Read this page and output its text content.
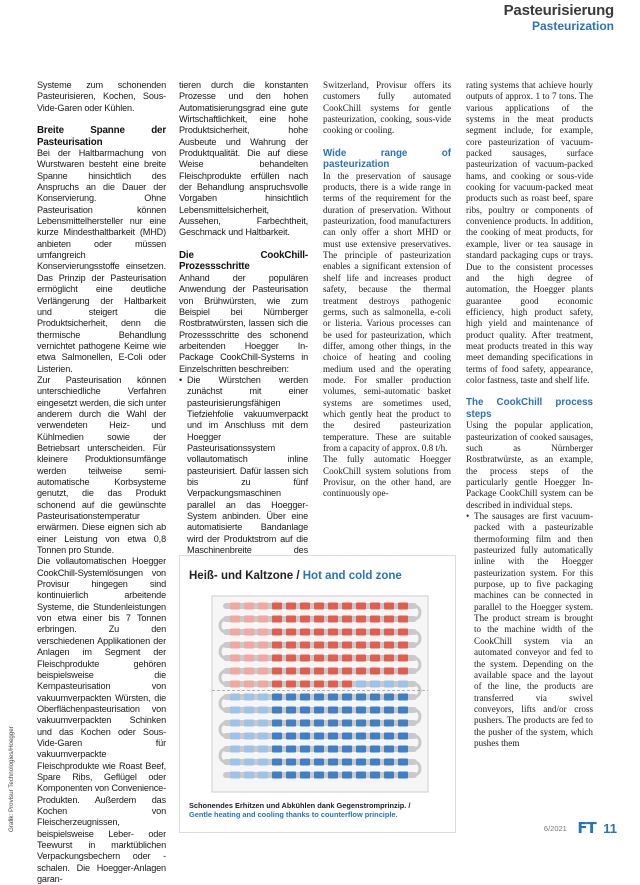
Pasteurisierung
Pasteurization

Systeme zum schonenden Pasteurisieren, Kochen, Sous-Vide-Garen oder Kühlen.

Breite Spanne der Pasteurisation

Bei der Haltbarmachung von Wurstwaren besteht eine breite Spanne hinsichtlich des Anspruchs an die Dauer der Konservierung. Ohne Pasteurisation können Lebensmittelhersteller nur eine kurze Mindesthaltbarkeit (MHD) anbieten oder müssen umfangreich Konservierungsstoffe einsetzen. Das Prinzip der Pasteurisation ermöglicht eine deutliche Verlängerung der Haltbarkeit und steigert die Produktsicherheit, denn die thermische Behandlung vernichtet pathogene Keime wie etwa Salmonellen, E-Coli oder Listerien.

Zur Pasteurisation können unterschiedliche Verfahren eingesetzt werden, die sich unter anderem durch die Wahl der verwendeten Heiz- und Kühlmedien sowie der Betriebsart unterscheiden. Für kleinere Produktionsumfänge werden teilweise semi-automatische Korbsysteme genutzt, die das Produkt schonend auf die gewünschte Pasteurisationstemperatur erwärmen. Diese eignen sich ab einer Leistung von etwa 0,8 Tonnen pro Stunde.

Die vollautomatischen Hoegger CookChill-Systemlösungen von Provisur hingegen sind kontinuierlich arbeitende Systeme, die Stundenleistungen von etwa einer bis 7 Tonnen erbringen. Zu den verschiedenen Applikationen der Anlagen im Segment der Fleischprodukte gehören beispielsweise die Kernpasteurisation von vakuumverpackten Würsten, die Oberflächenpasteurisation von vakuumverpackten Schinken und das Kochen oder Sous-Vide-Garen für vakuumverpackte Fleischprodukte wie Roast Beef, Spare Ribs, Geflügel oder Komponenten von Convenience-Produkten. Außerdem das Kochen von Fleischerzeugnissen, beispielsweise Leber- oder Teewurst in marktüblichen Verpackungsbechern oder -schalen. Die Hoegger-Anlagen garan-

tieren durch die konstanten Prozesse und den hohen Automatisierungsgrad eine gute Wirtschaftlichkeit, eine hohe Produktsicherheit, hohe Ausbeute und Wahrung der Produktqualität. Die auf diese Weise behandelten Fleischprodukte erfüllen nach der Behandlung anspruchsvolle Vorgaben hinsichtlich Lebensmittelsicherheit, Aussehen, Farbechtheit, Geschmack und Haltbarkeit.

Die CookChill-Prozessschritte

Anhand der populären Anwendung der Pasteurisation von Brühwürsten, wie zum Beispiel bei Nürnberger Rostbratwürsten, lassen sich die Prozessschritte des schonend arbeitenden Hoegger In-Package CookChill-Systems in Einzelschritten beschreiben:

• Die Würstchen werden zunächst mit einer pasteurisierungsfähigen Tiefziehfolie vakuumverpackt und im Anschluss mit dem Hoegger Pasteurisationssystem vollautomatisch inline pasteurisiert. Dafür lassen sich bis zu fünf Verpackungsmaschinen parallel an das Hoegger-System anbinden. Über eine automatisierte Bandanlage wird der Produktstrom auf die Maschinenbreite des

Switzerland, Provisur offers its customers fully automated CookChill systems for gentle pasteurization, cooking, sous-vide cooking or cooling.

Wide range of pasteurization

In the preservation of sausage products, there is a wide range in terms of the requirement for the duration of preservation. Without pasteurization, food manufacturers can only offer a short MHD or must use extensive preservatives. The principle of pasteurization enables a significant extension of shelf life and increases product safety, because the thermal treatment destroys pathogenic germs, such as salmonella, e-coli or listeria. Various processes can be used for pasteurization, which differ, among other things, in the choice of heating and cooling medium used and the operating mode. For smaller production volumes, semi-automatic basket systems are sometimes used, which gently heat the product to the desired pasteurization temperature. These are suitable from a capacity of approx. 0.8 t/h.

The fully automatic Hoegger CookChill system solutions from Provisur, on the other hand, are continuously ope-

rating systems that achieve hourly outputs of approx. 1 to 7 tons. The various applications of the systems in the meat products segment include, for example, core pasteurization of vacuum-packed sausages, surface pasteurization of vacuum-packed hams, and cooking or sous-vide cooking for vacuum-packed meat products such as roast beef, spare ribs, poultry or components of convenience products. In addition, the cooking of meat products, for example, liver or tea sausage in standard packaging cups or trays. Due to the consistent processes and the high degree of automation, the Hoegger plants guarantee good economic efficiency, high product safety, high yield and maintenance of product quality. After treatment, meat products treated in this way meet demanding specifications in terms of food safety, appearance, color fastness, taste and shelf life.

The CookChill process steps

Using the popular application, pasteurization of cooked sausages, such as Nürnberger Rostbratwürste, as an example, the process steps of the particularly gentle Hoegger In-Package CookChill system can be described in individual steps.

• The sausages are first vacuum-packed with a pasteurizable thermoforming film and then pasteurized fully automatically inline with the Hoegger pasteurization system. For this purpose, up to five packaging machines can be connected in parallel to the Hoegger system. The product stream is brought to the machine width of the CookChill system via an automated conveyor and fed to the system. Depending on the available space and the layout of the line, the products are transferred via swivel conveyors, lifts and/or cross pushers. The products are fed to the pusher of the system, which pushes them
Grafik: Provisur Technologies/Hoegger
Heiß- und Kaltzone / Hot and cold zone
Schonendes Erhitzen und Abkühlen dank Gegenstromprinzip. /
Gentle heating and cooling thanks to counterflow principle.
6/2021 FT 11
